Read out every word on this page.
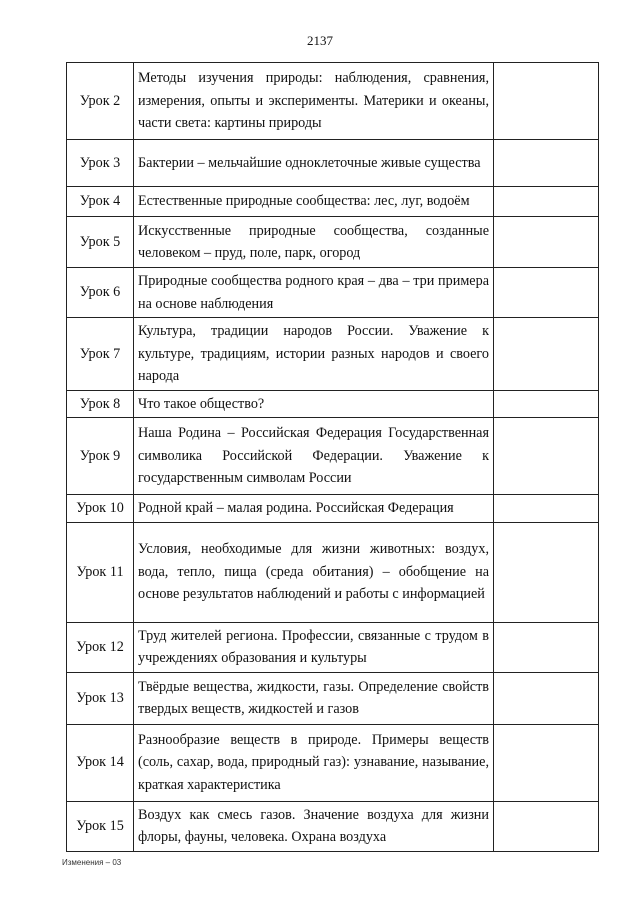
2137
Урок 2	Методы изучения природы: наблюдения, сравнения, измерения, опыты и эксперименты. Материки и океаны, части света: картины природы	
Урок 3	Бактерии – мельчайшие одноклеточные живые существа	
Урок 4	Естественные природные сообщества: лес, луг, водоём	
Урок 5	Искусственные природные сообщества, созданные человеком – пруд, поле, парк, огород	
Урок 6	Природные сообщества родного края – два – три примера на основе наблюдения	
Урок 7	Культура, традиции народов России. Уважение к культуре, традициям, истории разных народов и своего народа	
Урок 8	Что такое общество?	
Урок 9	Наша Родина – Российская Федерация Государственная символика Российской Федерации. Уважение к государственным символам России	
Урок 10	Родной край – малая родина. Российская Федерация	
Урок 11	Условия, необходимые для жизни животных: воздух, вода, тепло, пища (среда обитания) – обобщение на основе результатов наблюдений и работы с информацией	
Урок 12	Труд жителей региона. Профессии, связанные с трудом в учреждениях образования и культуры	
Урок 13	Твёрдые вещества, жидкости, газы. Определение свойств твердых веществ, жидкостей и газов	
Урок 14	Разнообразие веществ в природе. Примеры веществ (соль, сахар, вода, природный газ): узнавание, называние, краткая характеристика	
Урок 15	Воздух как смесь газов. Значение воздуха для жизни флоры, фауны, человека. Охрана воздуха	
Изменения – 03
